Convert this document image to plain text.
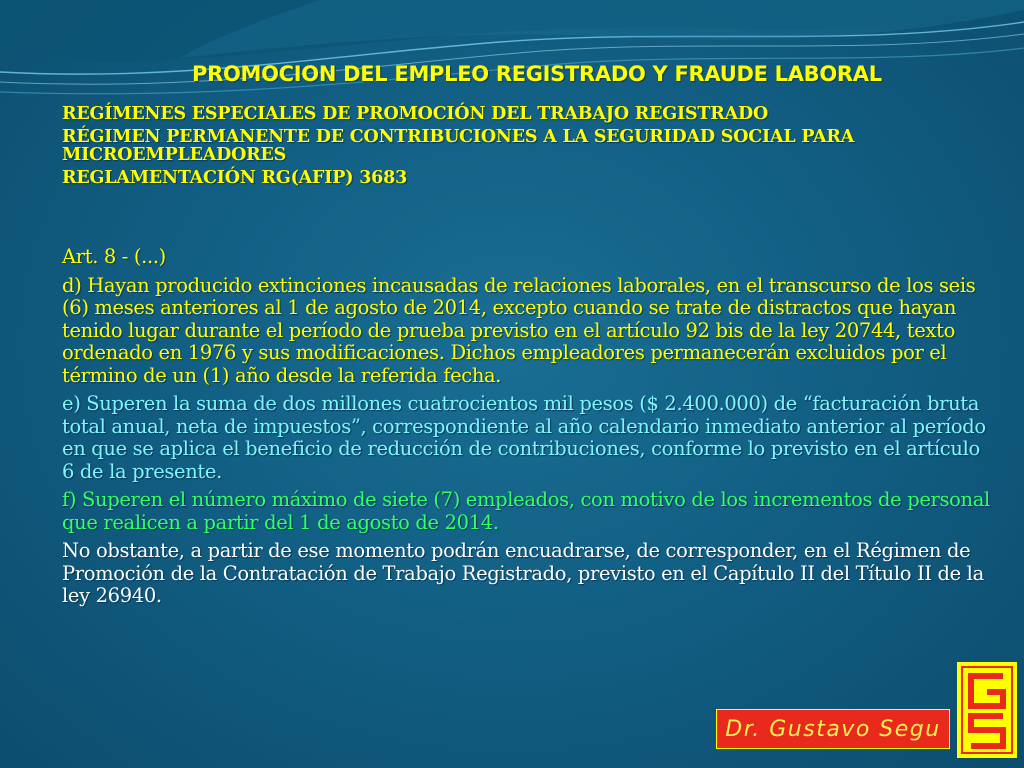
PROMOCION DEL EMPLEO REGISTRADO Y FRAUDE LABORAL
REGÍMENES ESPECIALES DE PROMOCIÓN DEL TRABAJO REGISTRADO
RÉGIMEN PERMANENTE DE CONTRIBUCIONES A LA SEGURIDAD SOCIAL PARA MICROEMPLEADORES
REGLAMENTACIÓN RG(AFIP) 3683

Art. 8 - (...)

d) Hayan producido extinciones incausadas de relaciones laborales, en el transcurso de los seis (6) meses anteriores al 1 de agosto de 2014, excepto cuando se trate de distractos que hayan tenido lugar durante el período de prueba previsto en el artículo 92 bis de la ley 20744, texto ordenado en 1976 y sus modificaciones. Dichos empleadores permanecerán excluidos por el término de un (1) año desde la referida fecha.

e) Superen la suma de dos millones cuatrocientos mil pesos ($ 2.400.000) de “facturación bruta total anual, neta de impuestos”, correspondiente al año calendario inmediato anterior al período en que se aplica el beneficio de reducción de contribuciones, conforme lo previsto en el artículo 6 de la presente.

f) Superen el número máximo de siete (7) empleados, con motivo de los incrementos de personal que realicen a partir del 1 de agosto de 2014.

No obstante, a partir de ese momento podrán encuadrarse, de corresponder, en el Régimen de Promoción de la Contratación de Trabajo Registrado, previsto en el Capítulo II del Título II de la ley 26940.

Dr. Gustavo Segu
